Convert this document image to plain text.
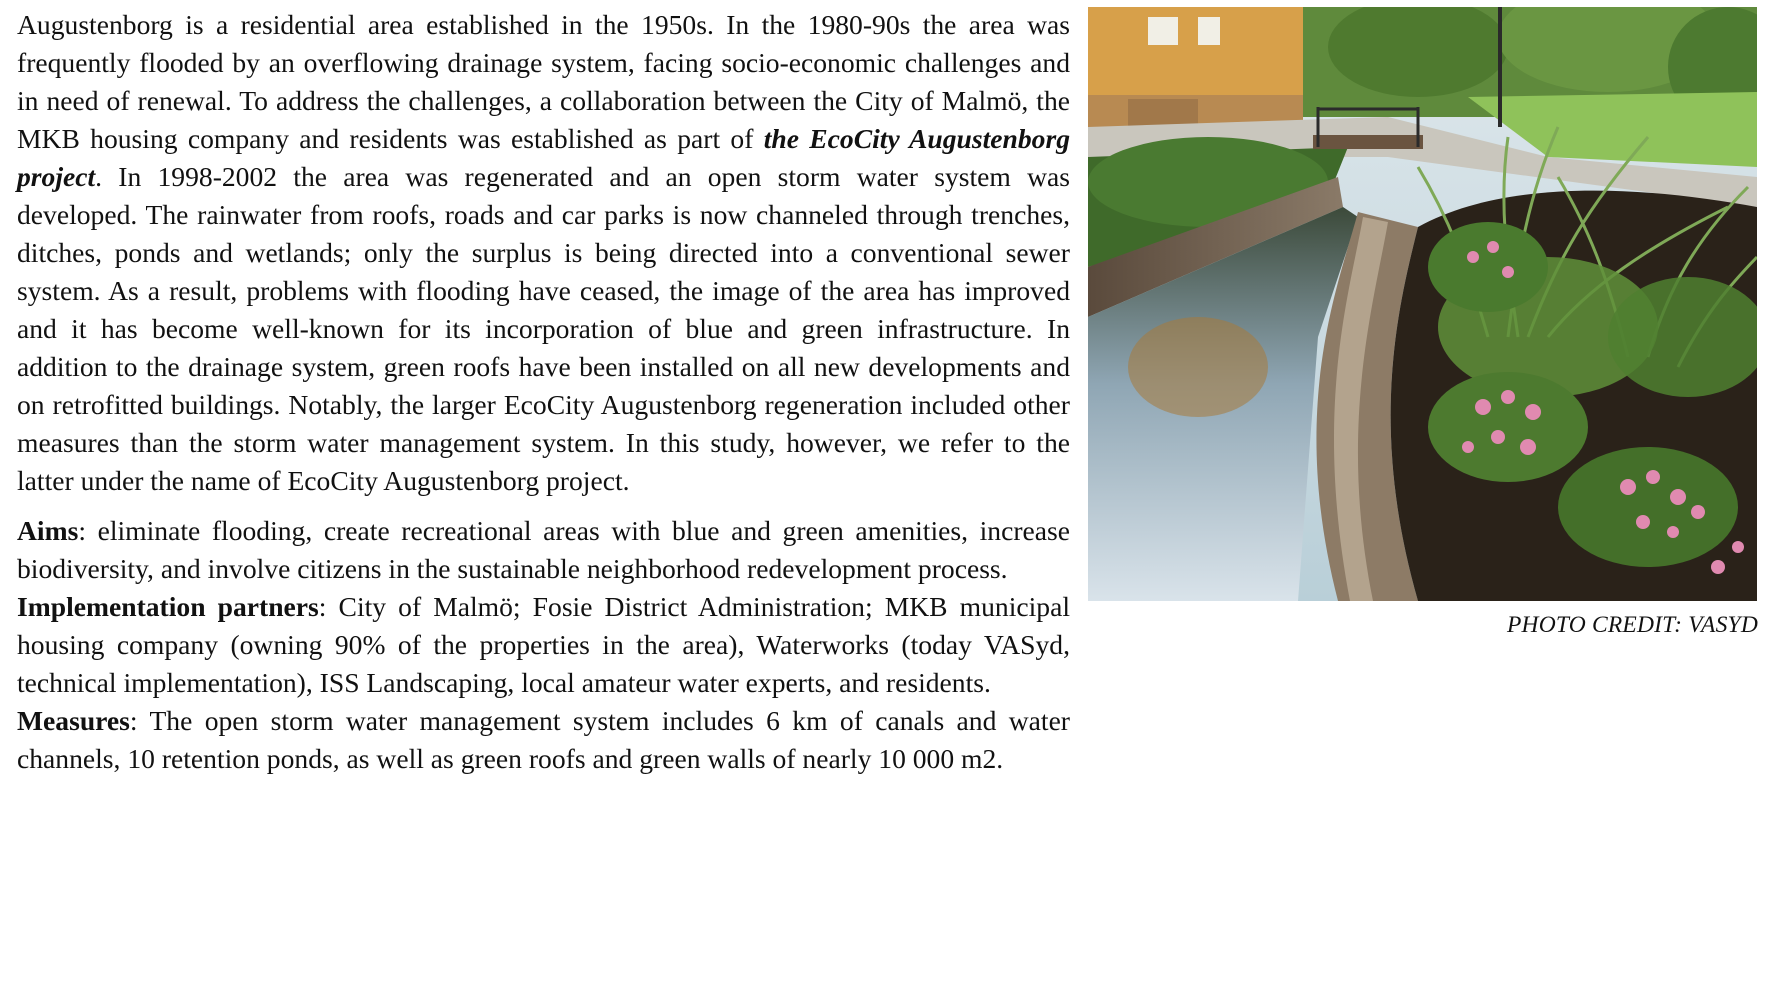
Augustenborg is a residential area established in the 1950s. In the 1980-90s the area was frequently flooded by an overflowing drainage system, facing socio-economic challenges and in need of renewal. To address the challenges, a collaboration between the City of Malmö, the MKB housing company and residents was established as part of the EcoCity Augustenborg project. In 1998-2002 the area was regenerated and an open storm water system was developed. The rainwater from roofs, roads and car parks is now channeled through trenches, ditches, ponds and wetlands; only the surplus is being directed into a conventional sewer system. As a result, problems with flooding have ceased, the image of the area has improved and it has become well-known for its incorporation of blue and green infrastructure. In addition to the drainage system, green roofs have been installed on all new developments and on retrofitted buildings. Notably, the larger EcoCity Augustenborg regeneration included other measures than the storm water management system. In this study, however, we refer to the latter under the name of EcoCity Augustenborg project.

Aims: eliminate flooding, create recreational areas with blue and green amenities, increase biodiversity, and involve citizens in the sustainable neighborhood redevelopment process.

Implementation partners: City of Malmö; Fosie District Administration; MKB municipal housing company (owning 90% of the properties in the area), Waterworks (today VASyd, technical implementation), ISS Landscaping, local amateur water experts, and residents.

Measures: The open storm water management system includes 6 km of canals and water channels, 10 retention ponds, as well as green roofs and green walls of nearly 10 000 m2.

PHOTO CREDIT: VASYD
